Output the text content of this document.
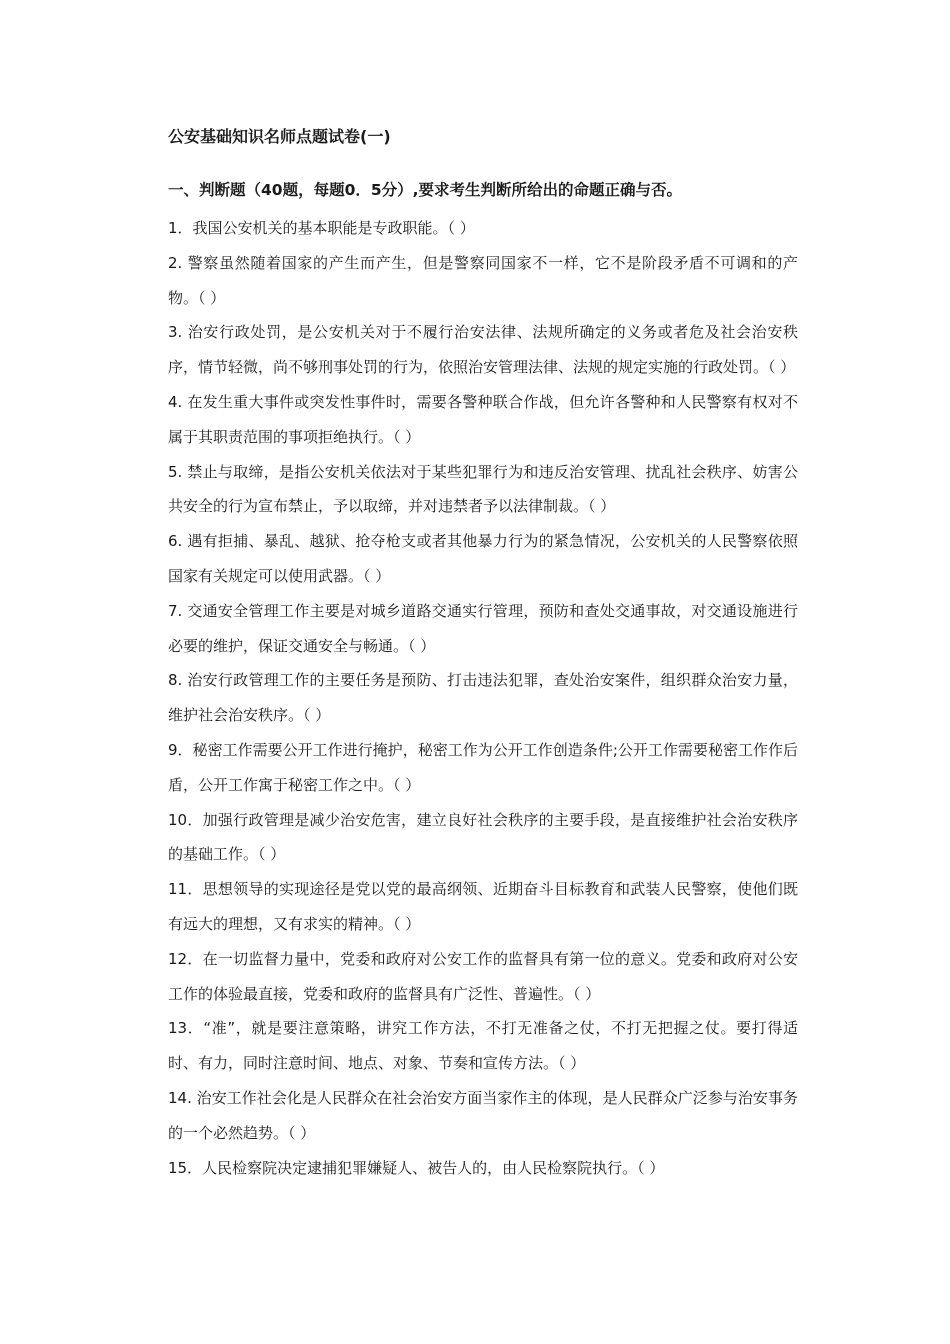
公安基础知识名师点题试卷(一)
一、判断题（40题，每题0．5分）,要求考生判断所给出的命题正确与否。
1．我国公安机关的基本职能是专政职能。（ ）
2. 警察虽然随着国家的产生而产生，但是警察同国家不一样，它不是阶段矛盾不可调和的产物。（ ）
3. 治安行政处罚，是公安机关对于不履行治安法律、法规所确定的义务或者危及社会治安秩序，情节轻微，尚不够刑事处罚的行为，依照治安管理法律、法规的规定实施的行政处罚。（ ）
4. 在发生重大事件或突发性事件时，需要各警种联合作战，但允许各警种和人民警察有权对不属于其职责范围的事项拒绝执行。（ ）
5. 禁止与取缔，是指公安机关依法对于某些犯罪行为和违反治安管理、扰乱社会秩序、妨害公共安全的行为宣布禁止，予以取缔，并对违禁者予以法律制裁。（ ）
6. 遇有拒捕、暴乱、越狱、抢夺枪支或者其他暴力行为的紧急情况，公安机关的人民警察依照国家有关规定可以使用武器。（ ）
7. 交通安全管理工作主要是对城乡道路交通实行管理，预防和查处交通事故，对交通设施进行必要的维护，保证交通安全与畅通。（ ）
8. 治安行政管理工作的主要任务是预防、打击违法犯罪，查处治安案件，组织群众治安力量，维护社会治安秩序。（ ）
9．秘密工作需要公开工作进行掩护，秘密工作为公开工作创造条件;公开工作需要秘密工作作后盾，公开工作寓于秘密工作之中。（ ）
10．加强行政管理是减少治安危害，建立良好社会秩序的主要手段，是直接维护社会治安秩序的基础工作。（ ）
11．思想领导的实现途径是党以党的最高纲领、近期奋斗目标教育和武装人民警察，使他们既有远大的理想，又有求实的精神。（ ）
12．在一切监督力量中，党委和政府对公安工作的监督具有第一位的意义。党委和政府对公安工作的体验最直接，党委和政府的监督具有广泛性、普遍性。（ ）
13．“准”，就是要注意策略，讲究工作方法，不打无准备之仗，不打无把握之仗。要打得适时、有力，同时注意时间、地点、对象、节奏和宣传方法。（ ）
14. 治安工作社会化是人民群众在社会治安方面当家作主的体现，是人民群众广泛参与治安事务的一个必然趋势。（ ）
15．人民检察院决定逮捕犯罪嫌疑人、被告人的，由人民检察院执行。（ ）
